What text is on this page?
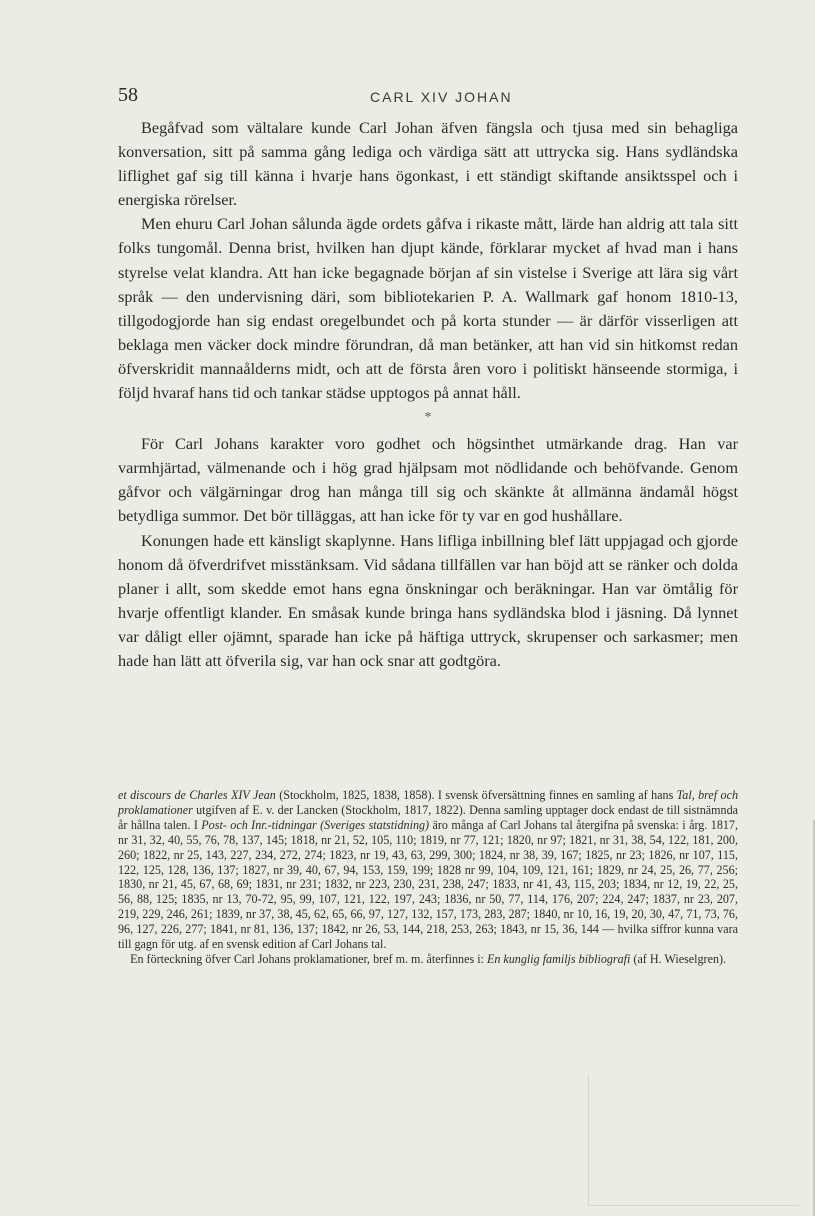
58	CARL XIV JOHAN

Begåfvad som vältalare kunde Carl Johan äfven fängsla och tjusa med sin behagliga konversation, sitt på samma gång lediga och värdiga sätt att uttrycka sig. Hans sydländska liflighet gaf sig till känna i hvarje hans ögonkast, i ett ständigt skiftande ansiktsspel och i energiska rörelser.

Men ehuru Carl Johan sålunda ägde ordets gåfva i rikaste mått, lärde han aldrig att tala sitt folks tungomål. Denna brist, hvilken han djupt kände, förklarar mycket af hvad man i hans styrelse velat klandra. Att han icke begagnade början af sin vistelse i Sverige att lära sig vårt språk — den undervisning däri, som bibliotekarien P. A. Wallmark gaf honom 1810-13, tillgodogjorde han sig endast oregelbundet och på korta stunder — är därför visserligen att beklaga men väcker dock mindre förundran, då man betänker, att han vid sin hitkomst redan öfverskridit mannaålderns midt, och att de första åren voro i politiskt hänseende stormiga, i följd hvaraf hans tid och tankar städse upptogos på annat håll.

*

För Carl Johans karakter voro godhet och högsinthet utmärkande drag. Han var varmhjärtad, välmenande och i hög grad hjälpsam mot nödlidande och behöfvande. Genom gåfvor och välgärningar drog han många till sig och skänkte åt allmänna ändamål högst betydliga summor. Det bör tilläggas, att han icke för ty var en god hushållare.

Konungen hade ett känsligt skaplynne. Hans lifliga inbillning blef lätt uppjagad och gjorde honom då öfverdrifvet misstänksam. Vid sådana tillfällen var han böjd att se ränker och dolda planer i allt, som skedde emot hans egna önskningar och beräkningar. Han var ömtålig för hvarje offentligt klander. En småsak kunde bringa hans sydländska blod i jäsning. Då lynnet var dåligt eller ojämnt, sparade han icke på häftiga uttryck, skrupenser och sarkasmer; men hade han lätt att öfverila sig, var han ock snar att godtgöra.

et discours de Charles XIV Jean (Stockholm, 1825, 1838, 1858). I svensk öfversättning finnes en samling af hans Tal, bref och proklamationer utgifven af E. v. der Lancken (Stockholm, 1817, 1822). Denna samling upptager dock endast de till sistnämnda år hållna talen. I Post- och Inr.-tidningar (Sveriges statstidning) äro många af Carl Johans tal återgifna på svenska: i årg. 1817, nr 31, 32, 40, 55, 76, 78, 137, 145; 1818, nr 21, 52, 105, 110; 1819, nr 77, 121; 1820, nr 97; 1821, nr 31, 38, 54, 122, 181, 200, 260; 1822, nr 25, 143, 227, 234, 272, 274; 1823, nr 19, 43, 63, 299, 300; 1824, nr 38, 39, 167; 1825, nr 23; 1826, nr 107, 115, 122, 125, 128, 136, 137; 1827, nr 39, 40, 67, 94, 153, 159, 199; 1828 nr 99, 104, 109, 121, 161; 1829, nr 24, 25, 26, 77, 256; 1830, nr 21, 45, 67, 68, 69; 1831, nr 231; 1832, nr 223, 230, 231, 238, 247; 1833, nr 41, 43, 115, 203; 1834, nr 12, 19, 22, 25, 56, 88, 125; 1835, nr 13, 70-72, 95, 99, 107, 121, 122, 197, 243; 1836, nr 50, 77, 114, 176, 207; 224, 247; 1837, nr 23, 207, 219, 229, 246, 261; 1839, nr 37, 38, 45, 62, 65, 66, 97, 127, 132, 157, 173, 283, 287; 1840, nr 10, 16, 19, 20, 30, 47, 71, 73, 76, 96, 127, 226, 277; 1841, nr 81, 136, 137; 1842, nr 26, 53, 144, 218, 253, 263; 1843, nr 15, 36, 144 — hvilka siffror kunna vara till gagn för utg. af en svensk edition af Carl Johans tal.

 En förteckning öfver Carl Johans proklamationer, bref m. m. återfinnes i: En kunglig familjs bibliografi (af H. Wieselgren).
